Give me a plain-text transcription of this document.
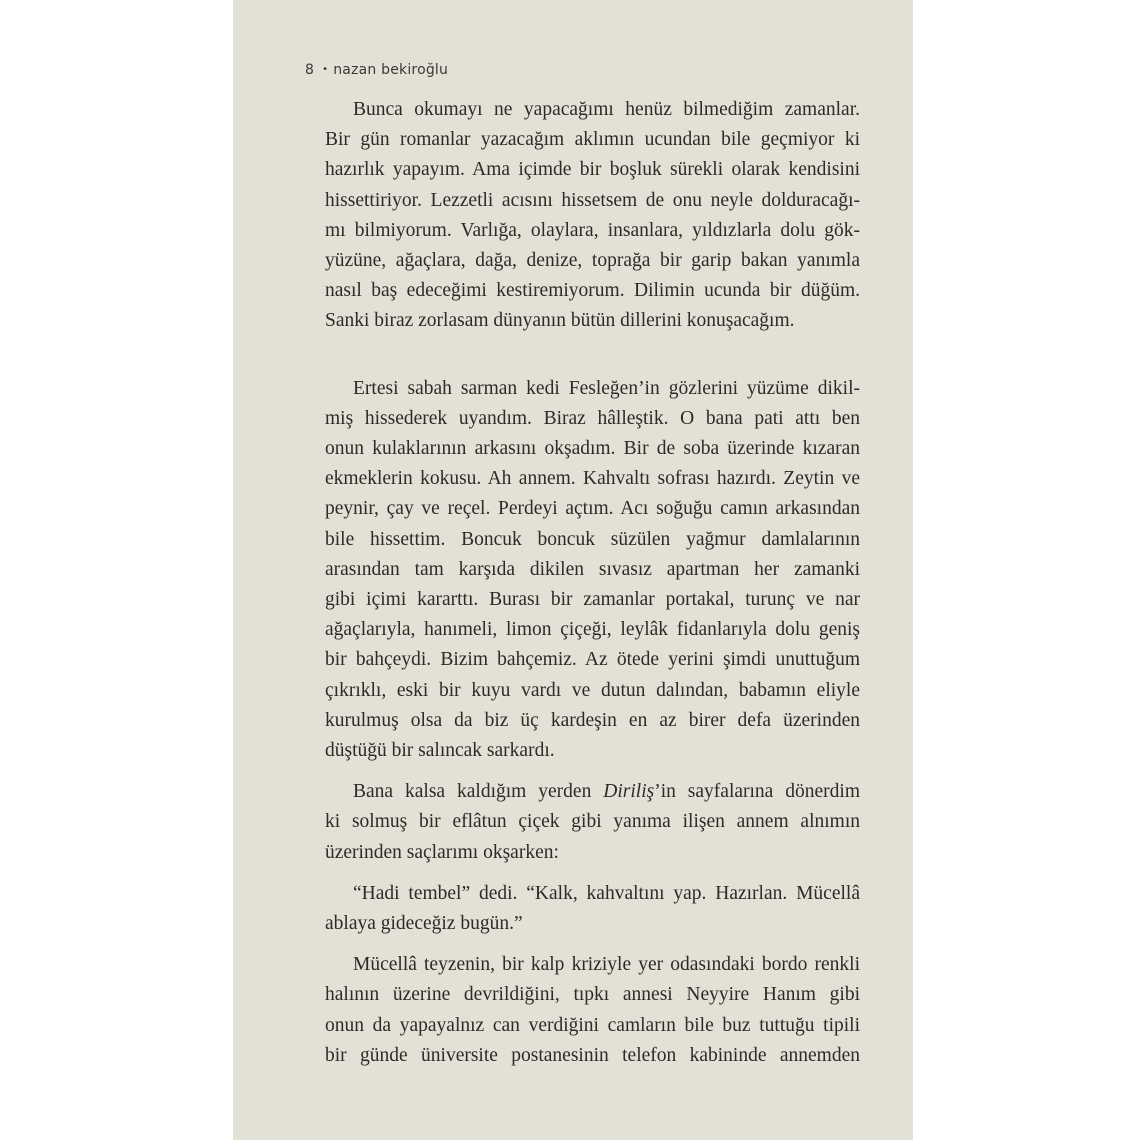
8 • nazan bekiroğlu
Bunca okumayı ne yapacağımı henüz bilmediğim zamanlar.
Bir gün romanlar yazacağım aklımın ucundan bile geçmiyor ki
hazırlık yapayım. Ama içimde bir boşluk sürekli olarak kendisini
hissettiriyor. Lezzetli acısını hissetsem de onu neyle dolduracağı-
mı bilmiyorum. Varlığa, olaylara, insanlara, yıldızlarla dolu gök-
yüzüne, ağaçlara, dağa, denize, toprağa bir garip bakan yanımla
nasıl baş edeceğimi kestiremiyorum. Dilimin ucunda bir düğüm.
Sanki biraz zorlasam dünyanın bütün dillerini konuşacağım.
Ertesi sabah sarman kedi Fesleğen’in gözlerini yüzüme dikil-
miş hissederek uyandım. Biraz hâlleştik. O bana pati attı ben
onun kulaklarının arkasını okşadım. Bir de soba üzerinde kızaran
ekmeklerin kokusu. Ah annem. Kahvaltı sofrası hazırdı. Zeytin ve
peynir, çay ve reçel. Perdeyi açtım. Acı soğuğu camın arkasından
bile hissettim. Boncuk boncuk süzülen yağmur damlalarının
arasından tam karşıda dikilen sıvasız apartman her zamanki
gibi içimi kararttı. Burası bir zamanlar portakal, turunç ve nar
ağaçlarıyla, hanımeli, limon çiçeği, leylâk fidanlarıyla dolu geniş
bir bahçeydi. Bizim bahçemiz. Az ötede yerini şimdi unuttuğum
çıkrıklı, eski bir kuyu vardı ve dutun dalından, babamın eliyle
kurulmuş olsa da biz üç kardeşin en az birer defa üzerinden
düştüğü bir salıncak sarkardı.
Bana kalsa kaldığım yerden Diriliş’in sayfalarına dönerdim
ki solmuş bir eflâtun çiçek gibi yanıma ilişen annem alnımın
üzerinden saçlarımı okşarken:
“Hadi tembel” dedi. “Kalk, kahvaltını yap. Hazırlan. Mücellâ
ablaya gideceğiz bugün.”
Mücellâ teyzenin, bir kalp kriziyle yer odasındaki bordo renkli
halının üzerine devrildiğini, tıpkı annesi Neyyire Hanım gibi
onun da yapayalnız can verdiğini camların bile buz tuttuğu tipili
bir günde üniversite postanesinin telefon kabininde annemden
